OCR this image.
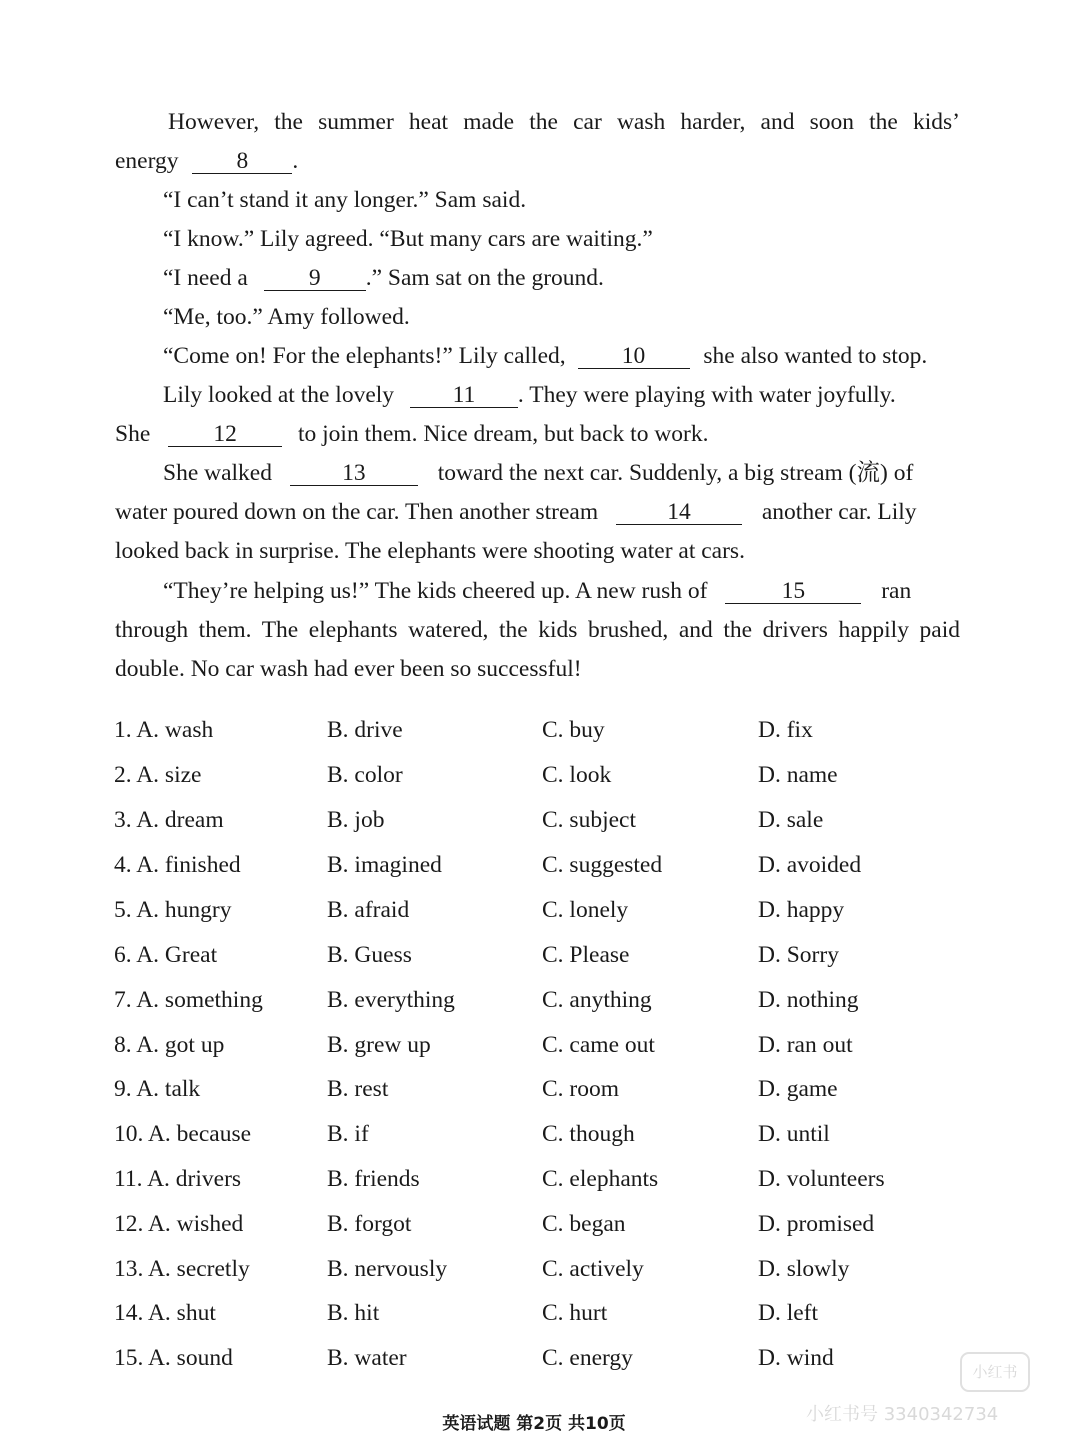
However, the summer heat made the car wash harder, and soon the kids’
energy 8 .
“I can’t stand it any longer.” Sam said.
“I know.” Lily agreed. “But many cars are waiting.”
“I need a	9 .” Sam sat on the ground.
“Me, too.” Amy followed.
“Come on! For the elephants!” Lily called, 10 she also wanted to stop.
Lily looked at the lovely 11 . They were playing with water joyfully.
She	12	to join them. Nice dream, but back to work.
She walked	13	toward the next car. Suddenly, a big stream (流) of
water poured down on the car. Then another stream	14	another car. Lily
looked back in surprise. The elephants were shooting water at cars.
“They’re helping us!” The kids cheered up. A new rush of	15	ran
through them. The elephants watered, the kids brushed, and the drivers happily paid
double. No car wash had ever been so successful!
1. A. wash	B. drive	C. buy	D. fix
2. A. size	B. color	C. look	D. name
3. A. dream	B. job	C. subject	D. sale
4. A. finished	B. imagined	C. suggested	D. avoided
5. A. hungry	B. afraid	C. lonely	D. happy
6. A. Great	B. Guess	C. Please	D. Sorry
7. A. something	B. everything	C. anything	D. nothing
8. A. got up	B. grew up	C. came out	D. ran out
9. A. talk	B. rest	C. room	D. game
10. A. because	B. if	C. though	D. until
11. A. drivers	B. friends	C. elephants	D. volunteers
12. A. wished	B. forgot	C. began	D. promised
13. A. secretly	B. nervously	C. actively	D. slowly
14. A. shut	B. hit	C. hurt	D. left
15. A. sound	B. water	C. energy	D. wind
英语试题 第2页 共10页
小红书
小红书号 3340342734
